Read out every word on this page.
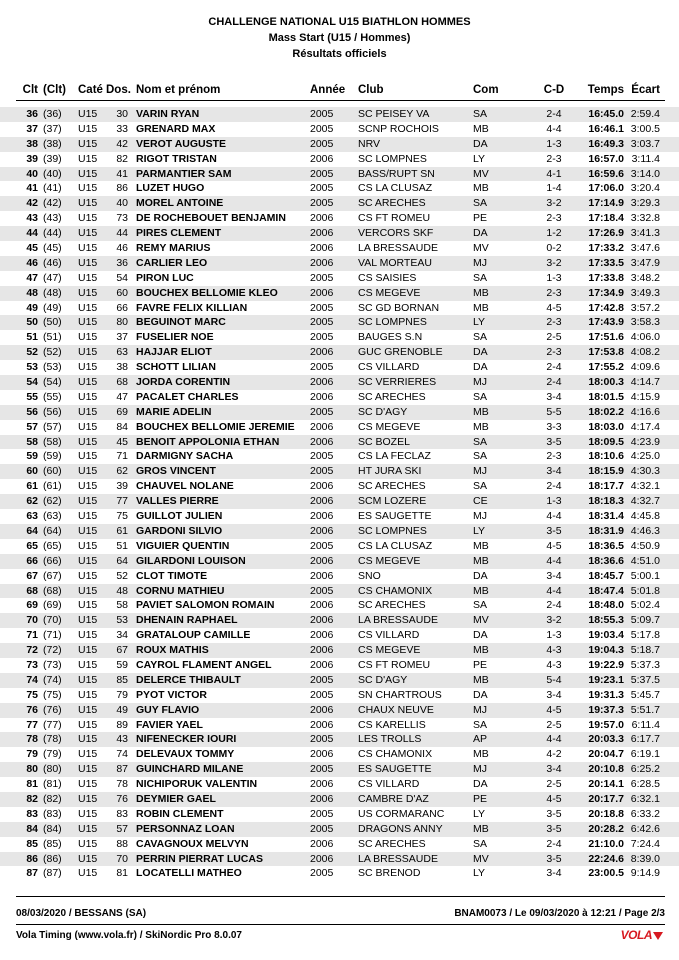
CHALLENGE NATIONAL U15 BIATHLON HOMMES
Mass Start (U15 / Hommes)
Résultats officiels
Clt (Clt)	Caté Dos. Nom et prénom	Année	Club	Com	C-D	Temps Écart
36 (36)	U15	30 VARIN RYAN	2005	SC PEISEY VA	SA	2-4	16:45.0 2:59.4
37 (37)	U15	33 GRENARD MAX	2005	SCNP ROCHOIS	MB	4-4	16:46.1 3:00.5
38 (38)	U15	42 VEROT AUGUSTE	2005	NRV	DA	1-3	16:49.3 3:03.7
39 (39)	U15	82 RIGOT TRISTAN	2006	SC LOMPNES	LY	2-3	16:57.0 3:11.4
40 (40)	U15	41 PARMANTIER SAM	2005	BASS/RUPT SN	MV	4-1	16:59.6 3:14.0
41 (41)	U15	86 LUZET HUGO	2005	CS LA CLUSAZ	MB	1-4	17:06.0 3:20.4
42 (42)	U15	40 MOREL ANTOINE	2005	SC ARECHES	SA	3-2	17:14.9 3:29.3
43 (43)	U15	73 DE ROCHEBOUET BENJAMIN	2006	CS FT ROMEU	PE	2-3	17:18.4 3:32.8
44 (44)	U15	44 PIRES CLEMENT	2006	VERCORS SKF	DA	1-2	17:26.9 3:41.3
45 (45)	U15	46 REMY MARIUS	2006	LA BRESSAUDE	MV	0-2	17:33.2 3:47.6
46 (46)	U15	36 CARLIER LEO	2006	VAL MORTEAU	MJ	3-2	17:33.5 3:47.9
47 (47)	U15	54 PIRON LUC	2005	CS SAISIES	SA	1-3	17:33.8 3:48.2
48 (48)	U15	60 BOUCHEX BELLOMIE KLEO	2006	CS MEGEVE	MB	2-3	17:34.9 3:49.3
49 (49)	U15	66 FAVRE FELIX KILLIAN	2005	SC GD BORNAN	MB	4-5	17:42.8 3:57.2
50 (50)	U15	80 BEGUINOT MARC	2005	SC LOMPNES	LY	2-3	17:43.9 3:58.3
51 (51)	U15	37 FUSELIER NOE	2005	BAUGES S.N	SA	2-5	17:51.6 4:06.0
52 (52)	U15	63 HAJJAR ELIOT	2006	GUC GRENOBLE	DA	2-3	17:53.8 4:08.2
53 (53)	U15	38 SCHOTT LILIAN	2005	CS VILLARD	DA	2-4	17:55.2 4:09.6
54 (54)	U15	68 JORDA CORENTIN	2006	SC VERRIERES	MJ	2-4	18:00.3 4:14.7
55 (55)	U15	47 PACALET CHARLES	2006	SC ARECHES	SA	3-4	18:01.5 4:15.9
56 (56)	U15	69 MARIE ADELIN	2005	SC D'AGY	MB	5-5	18:02.2 4:16.6
57 (57)	U15	84 BOUCHEX BELLOMIE JEREMIE	2006	CS MEGEVE	MB	3-3	18:03.0 4:17.4
58 (58)	U15	45 BENOIT APPOLONIA ETHAN	2006	SC BOZEL	SA	3-5	18:09.5 4:23.9
59 (59)	U15	71 DARMIGNY SACHA	2005	CS LA FECLAZ	SA	2-3	18:10.6 4:25.0
60 (60)	U15	62 GROS VINCENT	2005	HT JURA SKI	MJ	3-4	18:15.9 4:30.3
61 (61)	U15	39 CHAUVEL NOLANE	2006	SC ARECHES	SA	2-4	18:17.7 4:32.1
62 (62)	U15	77 VALLES PIERRE	2006	SCM LOZERE	CE	1-3	18:18.3 4:32.7
63 (63)	U15	75 GUILLOT JULIEN	2006	ES SAUGETTE	MJ	4-4	18:31.4 4:45.8
64 (64)	U15	61 GARDONI SILVIO	2006	SC LOMPNES	LY	3-5	18:31.9 4:46.3
65 (65)	U15	51 VIGUIER QUENTIN	2005	CS LA CLUSAZ	MB	4-5	18:36.5 4:50.9
66 (66)	U15	64 GILARDONI LOUISON	2006	CS MEGEVE	MB	4-4	18:36.6 4:51.0
67 (67)	U15	52 CLOT TIMOTE	2006	SNO	DA	3-4	18:45.7 5:00.1
68 (68)	U15	48 CORNU MATHIEU	2005	CS CHAMONIX	MB	4-4	18:47.4 5:01.8
69 (69)	U15	58 PAVIET SALOMON ROMAIN	2006	SC ARECHES	SA	2-4	18:48.0 5:02.4
70 (70)	U15	53 DHENAIN RAPHAEL	2006	LA BRESSAUDE	MV	3-2	18:55.3 5:09.7
71 (71)	U15	34 GRATALOUP CAMILLE	2006	CS VILLARD	DA	1-3	19:03.4 5:17.8
72 (72)	U15	67 ROUX MATHIS	2006	CS MEGEVE	MB	4-3	19:04.3 5:18.7
73 (73)	U15	59 CAYROL FLAMENT ANGEL	2006	CS FT ROMEU	PE	4-3	19:22.9 5:37.3
74 (74)	U15	85 DELERCE THIBAULT	2005	SC D'AGY	MB	5-4	19:23.1 5:37.5
75 (75)	U15	79 PYOT VICTOR	2005	SN CHARTROUS	DA	3-4	19:31.3 5:45.7
76 (76)	U15	49 GUY FLAVIO	2006	CHAUX NEUVE	MJ	4-5	19:37.3 5:51.7
77 (77)	U15	89 FAVIER YAEL	2006	CS KARELLIS	SA	2-5	19:57.0 6:11.4
78 (78)	U15	43 NIFENECKER IOURI	2005	LES TROLLS	AP	4-4	20:03.3 6:17.7
79 (79)	U15	74 DELEVAUX TOMMY	2006	CS CHAMONIX	MB	4-2	20:04.7 6:19.1
80 (80)	U15	87 GUINCHARD MILANE	2005	ES SAUGETTE	MJ	3-4	20:10.8 6:25.2
81 (81)	U15	78 NICHIPORUK VALENTIN	2006	CS VILLARD	DA	2-5	20:14.1 6:28.5
82 (82)	U15	76 DEYMIER GAEL	2006	CAMBRE D'AZ	PE	4-5	20:17.7 6:32.1
83 (83)	U15	83 ROBIN CLEMENT	2005	US CORMARANC	LY	3-5	20:18.8 6:33.2
84 (84)	U15	57 PERSONNAZ LOAN	2005	DRAGONS ANNY	MB	3-5	20:28.2 6:42.6
85 (85)	U15	88 CAVAGNOUX MELVYN	2006	SC ARECHES	SA	2-4	21:10.0 7:24.4
86 (86)	U15	70 PERRIN PIERRAT LUCAS	2006	LA BRESSAUDE	MV	3-5	22:24.6 8:39.0
87 (87)	U15	81 LOCATELLI MATHEO	2005	SC BRENOD	LY	3-4	23:00.5 9:14.9
08/03/2020 / BESSANS (SA)	BNAM0073 / Le 09/03/2020 à 12:21 / Page 2/3
Vola Timing (www.vola.fr) / SkiNordic Pro 8.0.07	VOLA
